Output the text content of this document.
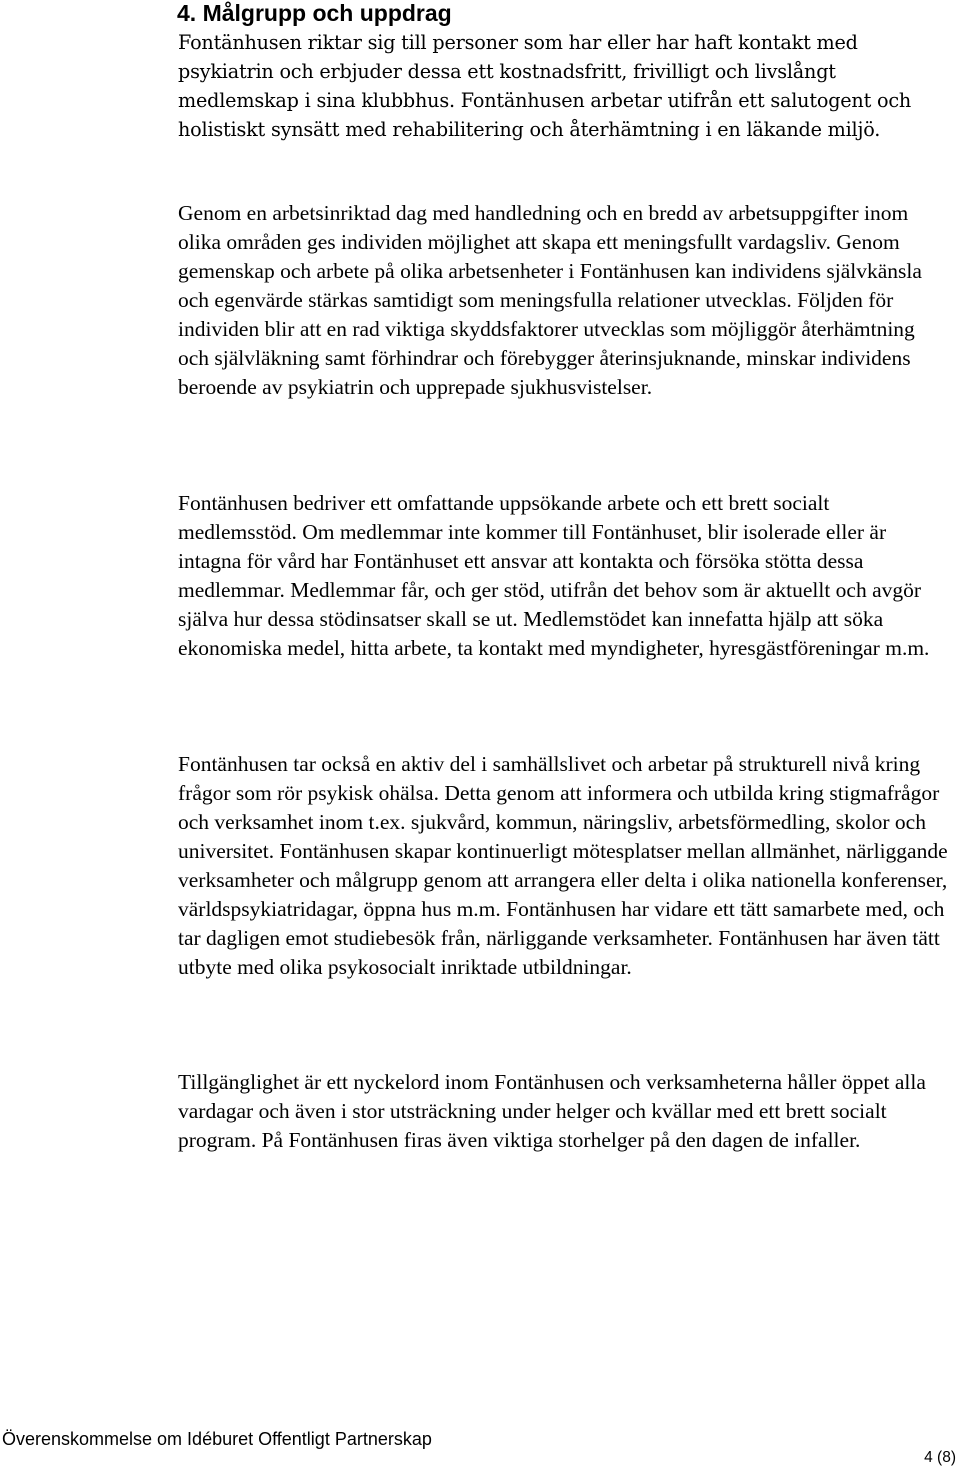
4. Målgrupp och uppdrag

Fontänhusen riktar sig till personer som har eller har haft kontakt med psykiatrin och erbjuder dessa ett kostnadsfritt, frivilligt och livslångt medlemskap i sina klubbhus. Fontänhusen arbetar utifrån ett salutogent och holistiskt synsätt med rehabilitering och återhämtning i en läkande miljö.

Genom en arbetsinriktad dag med handledning och en bredd av arbetsuppgifter inom olika områden ges individen möjlighet att skapa ett meningsfullt vardagsliv. Genom gemenskap och arbete på olika arbetsenheter i Fontänhusen kan individens självkänsla och egenvärde stärkas samtidigt som meningsfulla relationer utvecklas. Följden för individen blir att en rad viktiga skyddsfaktorer utvecklas som möjliggör återhämtning och självläkning samt förhindrar och förebygger återinsjuknande, minskar individens beroende av psykiatrin och upprepade sjukhusvistelser.

Fontänhusen bedriver ett omfattande uppsökande arbete och ett brett socialt medlemsstöd. Om medlemmar inte kommer till Fontänhuset, blir isolerade eller är intagna för vård har Fontänhuset ett ansvar att kontakta och försöka stötta dessa medlemmar. Medlemmar får, och ger stöd, utifrån det behov som är aktuellt och avgör själva hur dessa stödinsatser skall se ut. Medlemstödet kan innefatta hjälp att söka ekonomiska medel, hitta arbete, ta kontakt med myndigheter, hyresgästföreningar m.m.

Fontänhusen tar också en aktiv del i samhällslivet och arbetar på strukturell nivå kring frågor som rör psykisk ohälsa. Detta genom att informera och utbilda kring stigmafrågor och verksamhet inom t.ex. sjukvård, kommun, näringsliv, arbetsförmedling, skolor och universitet. Fontänhusen skapar kontinuerligt mötesplatser mellan allmänhet, närliggande verksamheter och målgrupp genom att arrangera eller delta i olika nationella konferenser, världspsykiatridagar, öppna hus m.m. Fontänhusen har vidare ett tätt samarbete med, och tar dagligen emot studiebesök från, närliggande verksamheter. Fontänhusen har även tätt utbyte med olika psykosocialt inriktade utbildningar.

Tillgänglighet är ett nyckelord inom Fontänhusen och verksamheterna håller öppet alla vardagar och även i stor utsträckning under helger och kvällar med ett brett socialt program. På Fontänhusen firas även viktiga storhelger på den dagen de infaller.

Överenskommelse om Idéburet Offentligt Partnerskap
4 (8)
